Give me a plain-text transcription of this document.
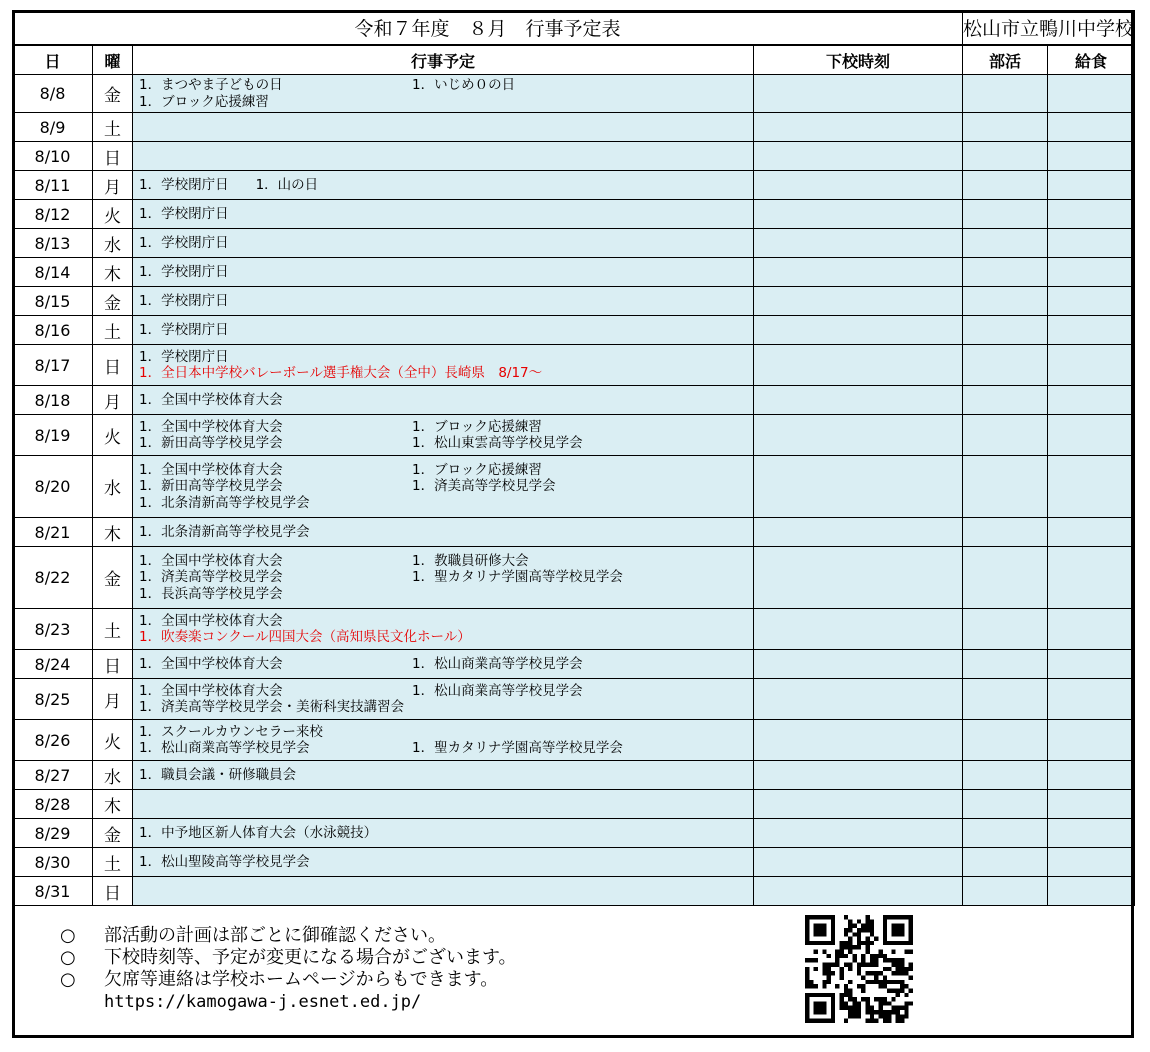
令和７年度　８月　行事予定表				松山市立鴨川中学校	
日	曜	行事予定	下校時刻	部活	給食
8/8	金	1．まつやま子どもの日 1．いじめ０の日
1．ブロック応援練習			

8/9	土				
8/10	日				
8/11	月	1．学校閉庁日　　1．山の日			

8/12	火	1．学校閉庁日			

8/13	水	1．学校閉庁日			

8/14	木	1．学校閉庁日			

8/15	金	1．学校閉庁日			

8/16	土	1．学校閉庁日			

8/17	日	1．学校閉庁日
1．全日本中学校バレーボール選手権大会（全中）長崎県　8/17～			

8/18	月	1．全国中学校体育大会			

8/19	火	1．全国中学校体育大会 1．ブロック応援練習
1．新田高等学校見学会 1．松山東雲高等学校見学会			

8/20	水	1．全国中学校体育大会 1．ブロック応援練習
1．新田高等学校見学会 1．済美高等学校見学会
1．北条清新高等学校見学会			

8/21	木	1．北条清新高等学校見学会			

8/22	金	1．全国中学校体育大会 1．教職員研修大会
1．済美高等学校見学会 1．聖カタリナ学園高等学校見学会
1．長浜高等学校見学会			

8/23	土	1．全国中学校体育大会
1．吹奏楽コンクール四国大会（高知県民文化ホール）			

8/24	日	1．全国中学校体育大会 1．松山商業高等学校見学会			

8/25	月	1．全国中学校体育大会 1．松山商業高等学校見学会
1．済美高等学校見学会・美術科実技講習会			

8/26	火	1．スクールカウンセラー来校
1．松山商業高等学校見学会 1．聖カタリナ学園高等学校見学会			

8/27	水	1．職員会議・研修職員会			

8/28	木				
8/29	金	1．中予地区新人体育大会（水泳競技）			

8/30	土	1．松山聖陵高等学校見学会			

8/31	日				
○	部活動の計画は部ごとに御確認ください。
○	下校時刻等、予定が変更になる場合がございます。
○	欠席等連絡は学校ホームページからもできます。
https://kamogawa-j.esnet.ed.jp/
